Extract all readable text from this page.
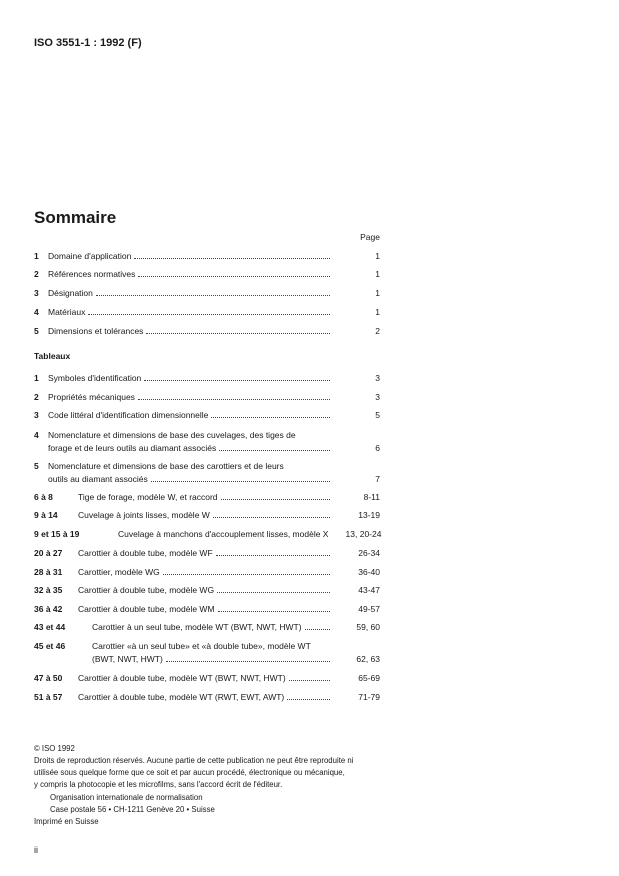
ISO 3551-1 : 1992 (F)
Sommaire
Page
1	Domaine d'application	1
2	Références normatives	1
3	Désignation	1
4	Matériaux	1
5	Dimensions et tolérances	2
Tableaux
1	Symboles d'identification	3
2	Propriétés mécaniques	3
3	Code littéral d'identification dimensionnelle	5
4	Nomenclature et dimensions de base des cuvelages, des tiges de
forage et de leurs outils au diamant associés	6
5	Nomenclature et dimensions de base des carottiers et de leurs
outils au diamant associés	7
6 à 8	Tige de forage, modèle W, et raccord	8-11
9 à 14	Cuvelage à joints lisses, modèle W	13-19
9 et 15 à 19	Cuvelage à manchons d'accouplement lisses, modèle X	13, 20-24
20 à 27	Carottier à double tube, modèle WF	26-34
28 à 31	Carottier, modèle WG	36-40
32 à 35	Carottier à double tube, modèle WG	43-47
36 à 42	Carottier à double tube, modèle WM	49-57
43 et 44	Carottier à un seul tube, modèle WT (BWT, NWT, HWT)	59, 60
45 et 46	Carottier «à un seul tube» et «à double tube», modèle WT
(BWT, NWT, HWT)	62, 63
47 à 50	Carottier à double tube, modèle WT (BWT, NWT, HWT)	65-69
51 à 57	Carottier à double tube, modèle WT (RWT, EWT, AWT)	71-79
© ISO 1992
Droits de reproduction réservés. Aucune partie de cette publication ne peut être reproduite ni
utilisée sous quelque forme que ce soit et par aucun procédé, électronique ou mécanique,
y compris la photocopie et les microfilms, sans l'accord écrit de l'éditeur.
Organisation internationale de normalisation
Case postale 56 • CH-1211 Genève 20 • Suisse
Imprimé en Suisse
ii
